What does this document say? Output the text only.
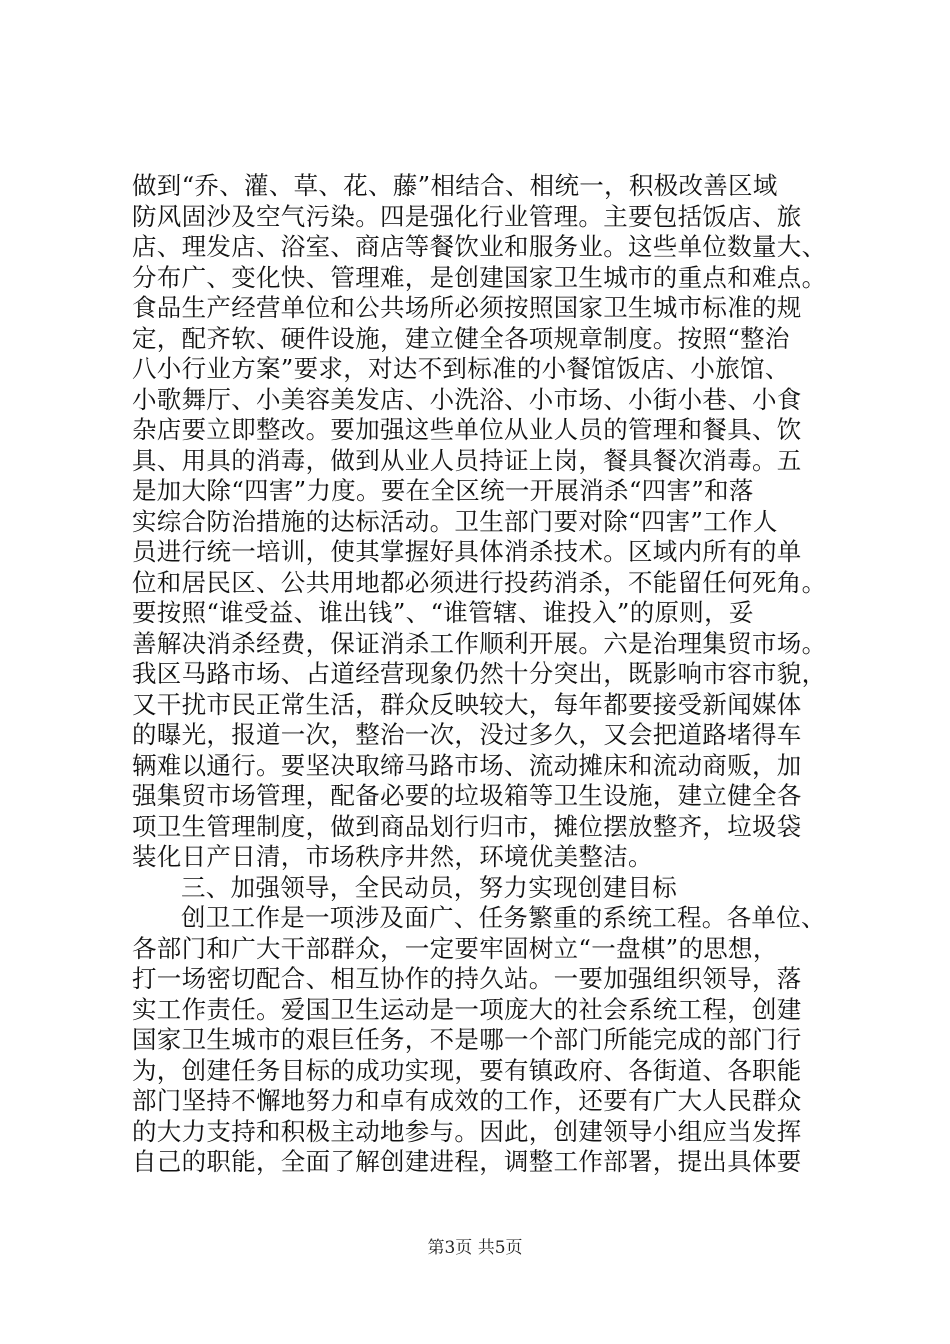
做到“乔、灌、草、花、藤”相结合、相统一，积极改善区域
防风固沙及空气污染。四是强化行业管理。主要包括饭店、旅
店、理发店、浴室、商店等餐饮业和服务业。这些单位数量大、
分布广、变化快、管理难，是创建国家卫生城市的重点和难点。
食品生产经营单位和公共场所必须按照国家卫生城市标准的规
定，配齐软、硬件设施，建立健全各项规章制度。按照“整治
八小行业方案”要求，对达不到标准的小餐馆饭店、小旅馆、
小歌舞厅、小美容美发店、小洗浴、小市场、小街小巷、小食
杂店要立即整改。要加强这些单位从业人员的管理和餐具、饮
具、用具的消毒，做到从业人员持证上岗，餐具餐次消毒。五
是加大除“四害”力度。要在全区统一开展消杀“四害”和落
实综合防治措施的达标活动。卫生部门要对除“四害”工作人
员进行统一培训，使其掌握好具体消杀技术。区域内所有的单
位和居民区、公共用地都必须进行投药消杀，不能留任何死角。
要按照“谁受益、谁出钱”、“谁管辖、谁投入”的原则，妥
善解决消杀经费，保证消杀工作顺利开展。六是治理集贸市场。
我区马路市场、占道经营现象仍然十分突出，既影响市容市貌，
又干扰市民正常生活，群众反映较大，每年都要接受新闻媒体
的曝光，报道一次，整治一次，没过多久，又会把道路堵得车
辆难以通行。要坚决取缔马路市场、流动摊床和流动商贩，加
强集贸市场管理，配备必要的垃圾箱等卫生设施，建立健全各
项卫生管理制度，做到商品划行归市，摊位摆放整齐，垃圾袋
装化日产日清，市场秩序井然，环境优美整洁。
三、加强领导，全民动员，努力实现创建目标
创卫工作是一项涉及面广、任务繁重的系统工程。各单位、
各部门和广大干部群众，一定要牢固树立“一盘棋”的思想，
打一场密切配合、相互协作的持久站。一要加强组织领导，落
实工作责任。爱国卫生运动是一项庞大的社会系统工程，创建
国家卫生城市的艰巨任务，不是哪一个部门所能完成的部门行
为，创建任务目标的成功实现，要有镇政府、各街道、各职能
部门坚持不懈地努力和卓有成效的工作，还要有广大人民群众
的大力支持和积极主动地参与。因此，创建领导小组应当发挥
自己的职能，全面了解创建进程，调整工作部署，提出具体要
第3页 共5页
